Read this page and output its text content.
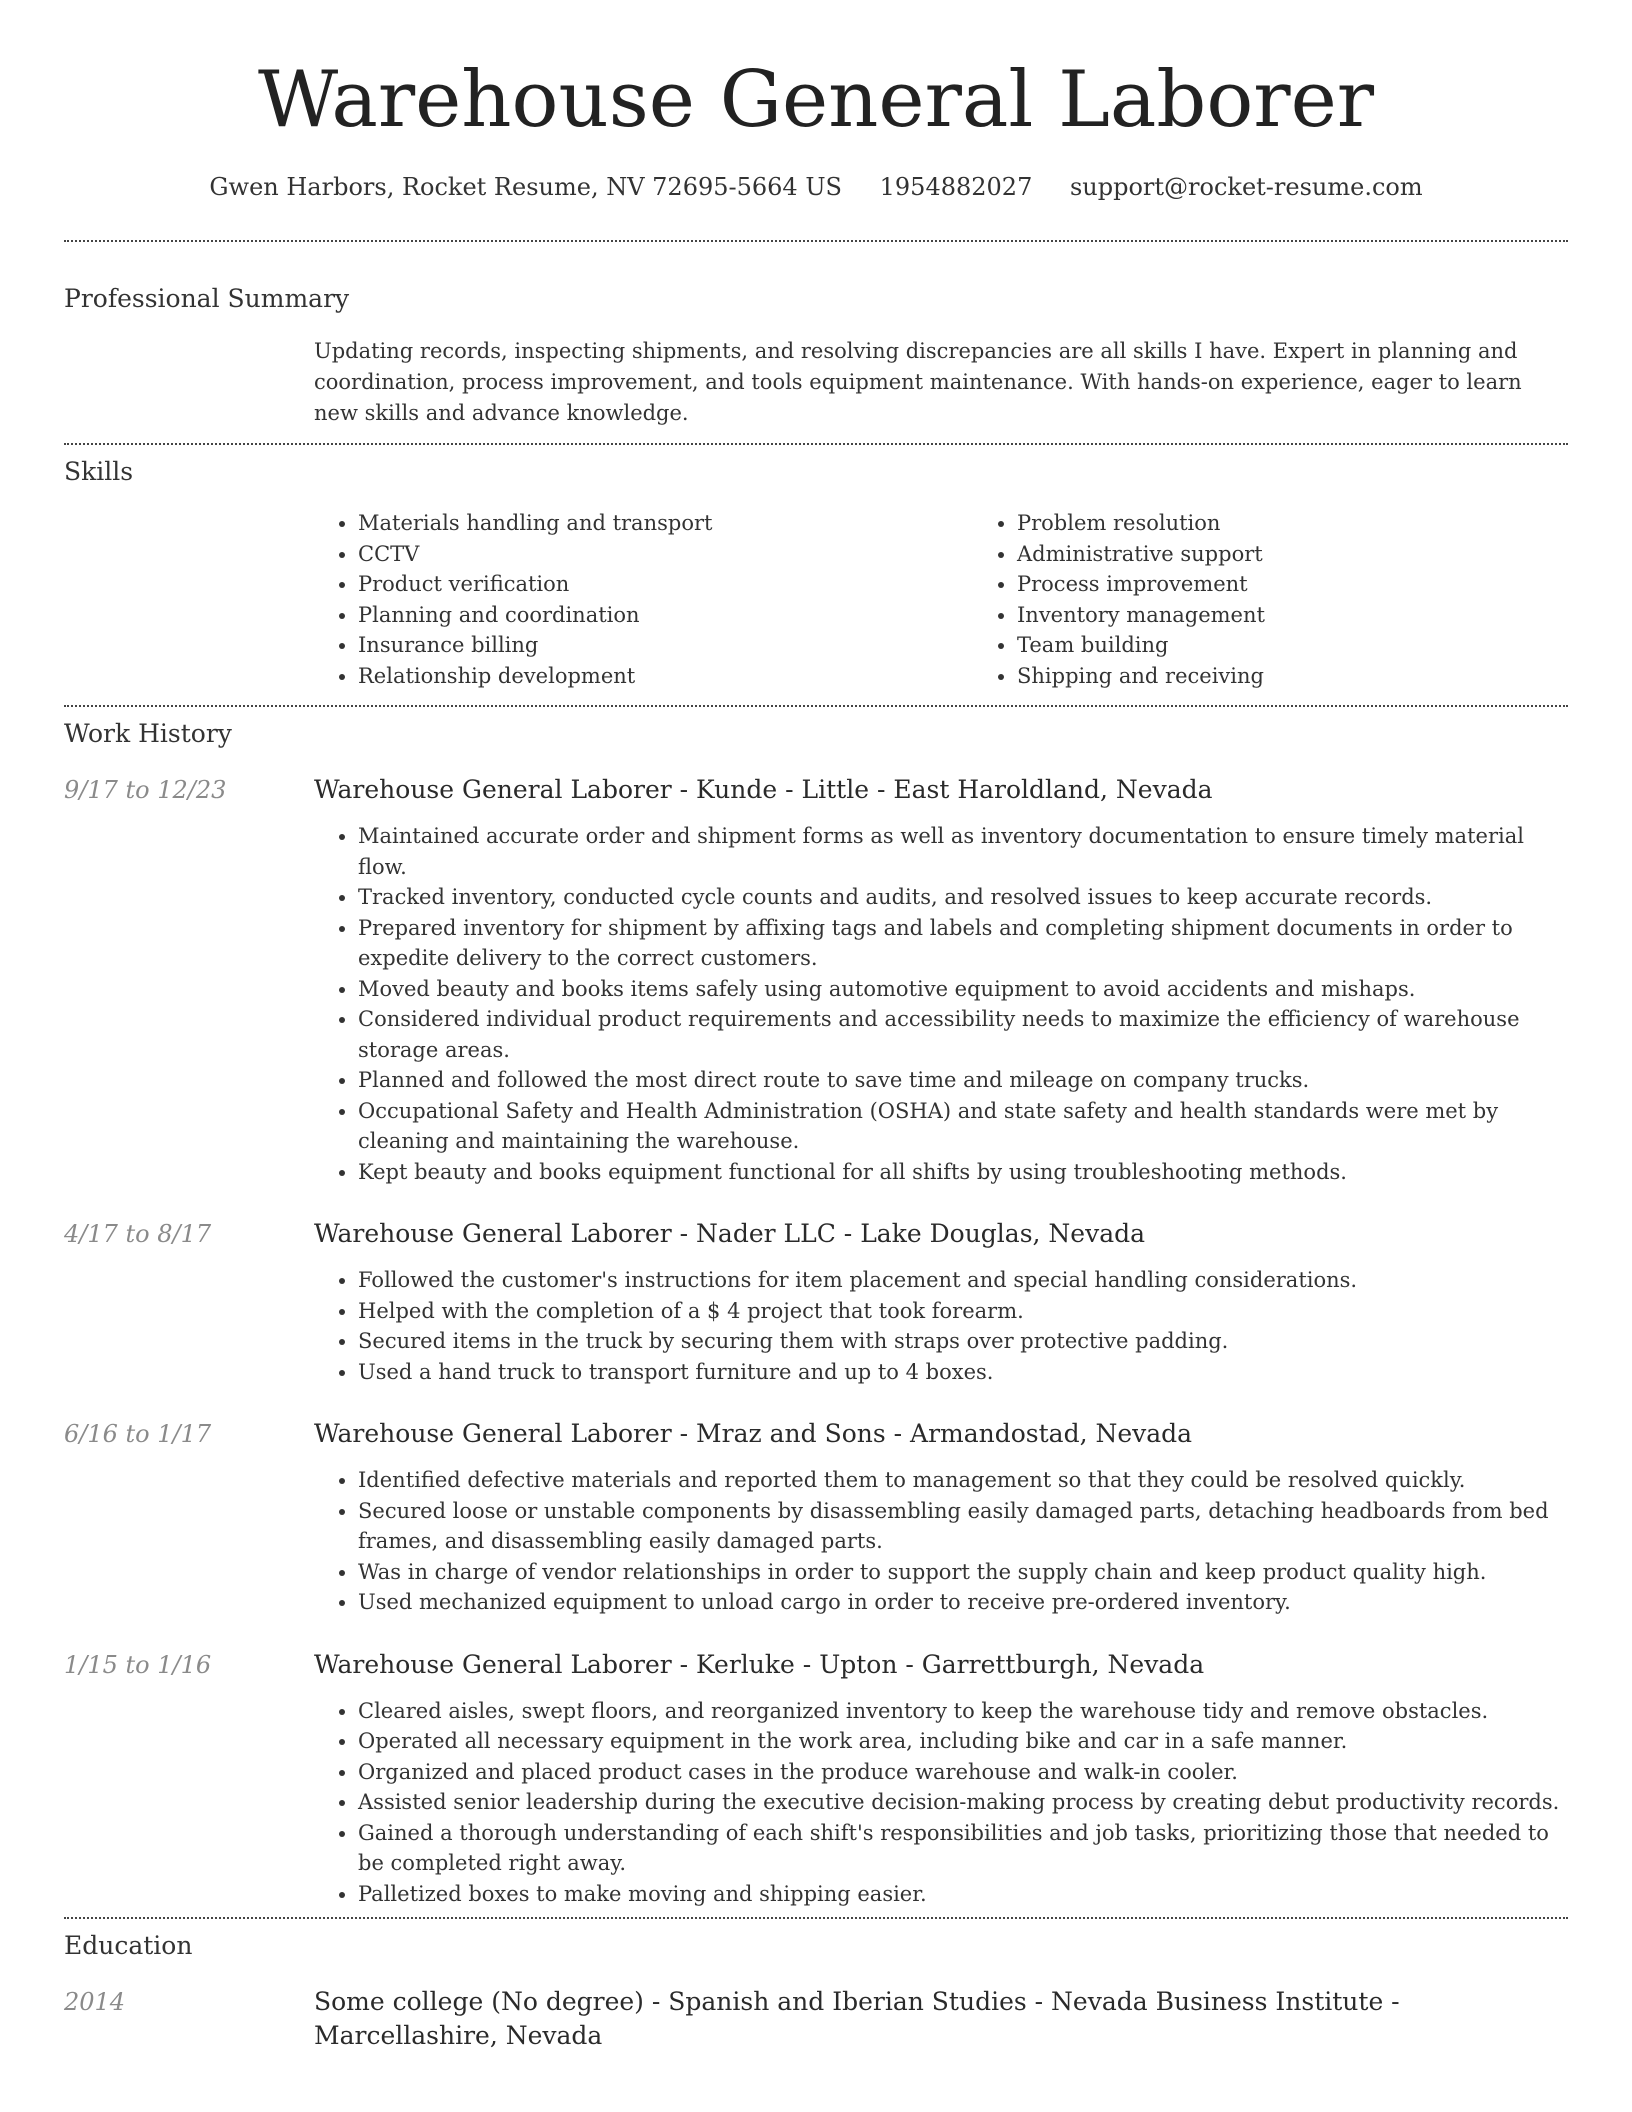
Warehouse General Laborer
Gwen Harbors, Rocket Resume, NV 72695-5664 US 1954882027 support@rocket-resume.com
Professional Summary
Updating records, inspecting shipments, and resolving discrepancies are all skills I have. Expert in planning and coordination, process improvement, and tools equipment maintenance. With hands-on experience, eager to learn new skills and advance knowledge.
Skills
• Materials handling and transport
• CCTV
• Product verification
• Planning and coordination
• Insurance billing
• Relationship development
• Problem resolution
• Administrative support
• Process improvement
• Inventory management
• Team building
• Shipping and receiving
Work History
9/17 to 12/23	Warehouse General Laborer - Kunde - Little - East Haroldland, Nevada
• Maintained accurate order and shipment forms as well as inventory documentation to ensure timely material flow.
• Tracked inventory, conducted cycle counts and audits, and resolved issues to keep accurate records.
• Prepared inventory for shipment by affixing tags and labels and completing shipment documents in order to expedite delivery to the correct customers.
• Moved beauty and books items safely using automotive equipment to avoid accidents and mishaps.
• Considered individual product requirements and accessibility needs to maximize the efficiency of warehouse storage areas.
• Planned and followed the most direct route to save time and mileage on company trucks.
• Occupational Safety and Health Administration (OSHA) and state safety and health standards were met by cleaning and maintaining the warehouse.
• Kept beauty and books equipment functional for all shifts by using troubleshooting methods.
4/17 to 8/17	Warehouse General Laborer - Nader LLC - Lake Douglas, Nevada
• Followed the customer's instructions for item placement and special handling considerations.
• Helped with the completion of a $ 4 project that took forearm.
• Secured items in the truck by securing them with straps over protective padding.
• Used a hand truck to transport furniture and up to 4 boxes.
6/16 to 1/17	Warehouse General Laborer - Mraz and Sons - Armandostad, Nevada
• Identified defective materials and reported them to management so that they could be resolved quickly.
• Secured loose or unstable components by disassembling easily damaged parts, detaching headboards from bed frames, and disassembling easily damaged parts.
• Was in charge of vendor relationships in order to support the supply chain and keep product quality high.
• Used mechanized equipment to unload cargo in order to receive pre-ordered inventory.
1/15 to 1/16	Warehouse General Laborer - Kerluke - Upton - Garrettburgh, Nevada
• Cleared aisles, swept floors, and reorganized inventory to keep the warehouse tidy and remove obstacles.
• Operated all necessary equipment in the work area, including bike and car in a safe manner.
• Organized and placed product cases in the produce warehouse and walk-in cooler.
• Assisted senior leadership during the executive decision-making process by creating debut productivity records.
• Gained a thorough understanding of each shift's responsibilities and job tasks, prioritizing those that needed to be completed right away.
• Palletized boxes to make moving and shipping easier.
Education
2014	Some college (No degree) - Spanish and Iberian Studies - Nevada Business Institute - Marcellashire, Nevada
